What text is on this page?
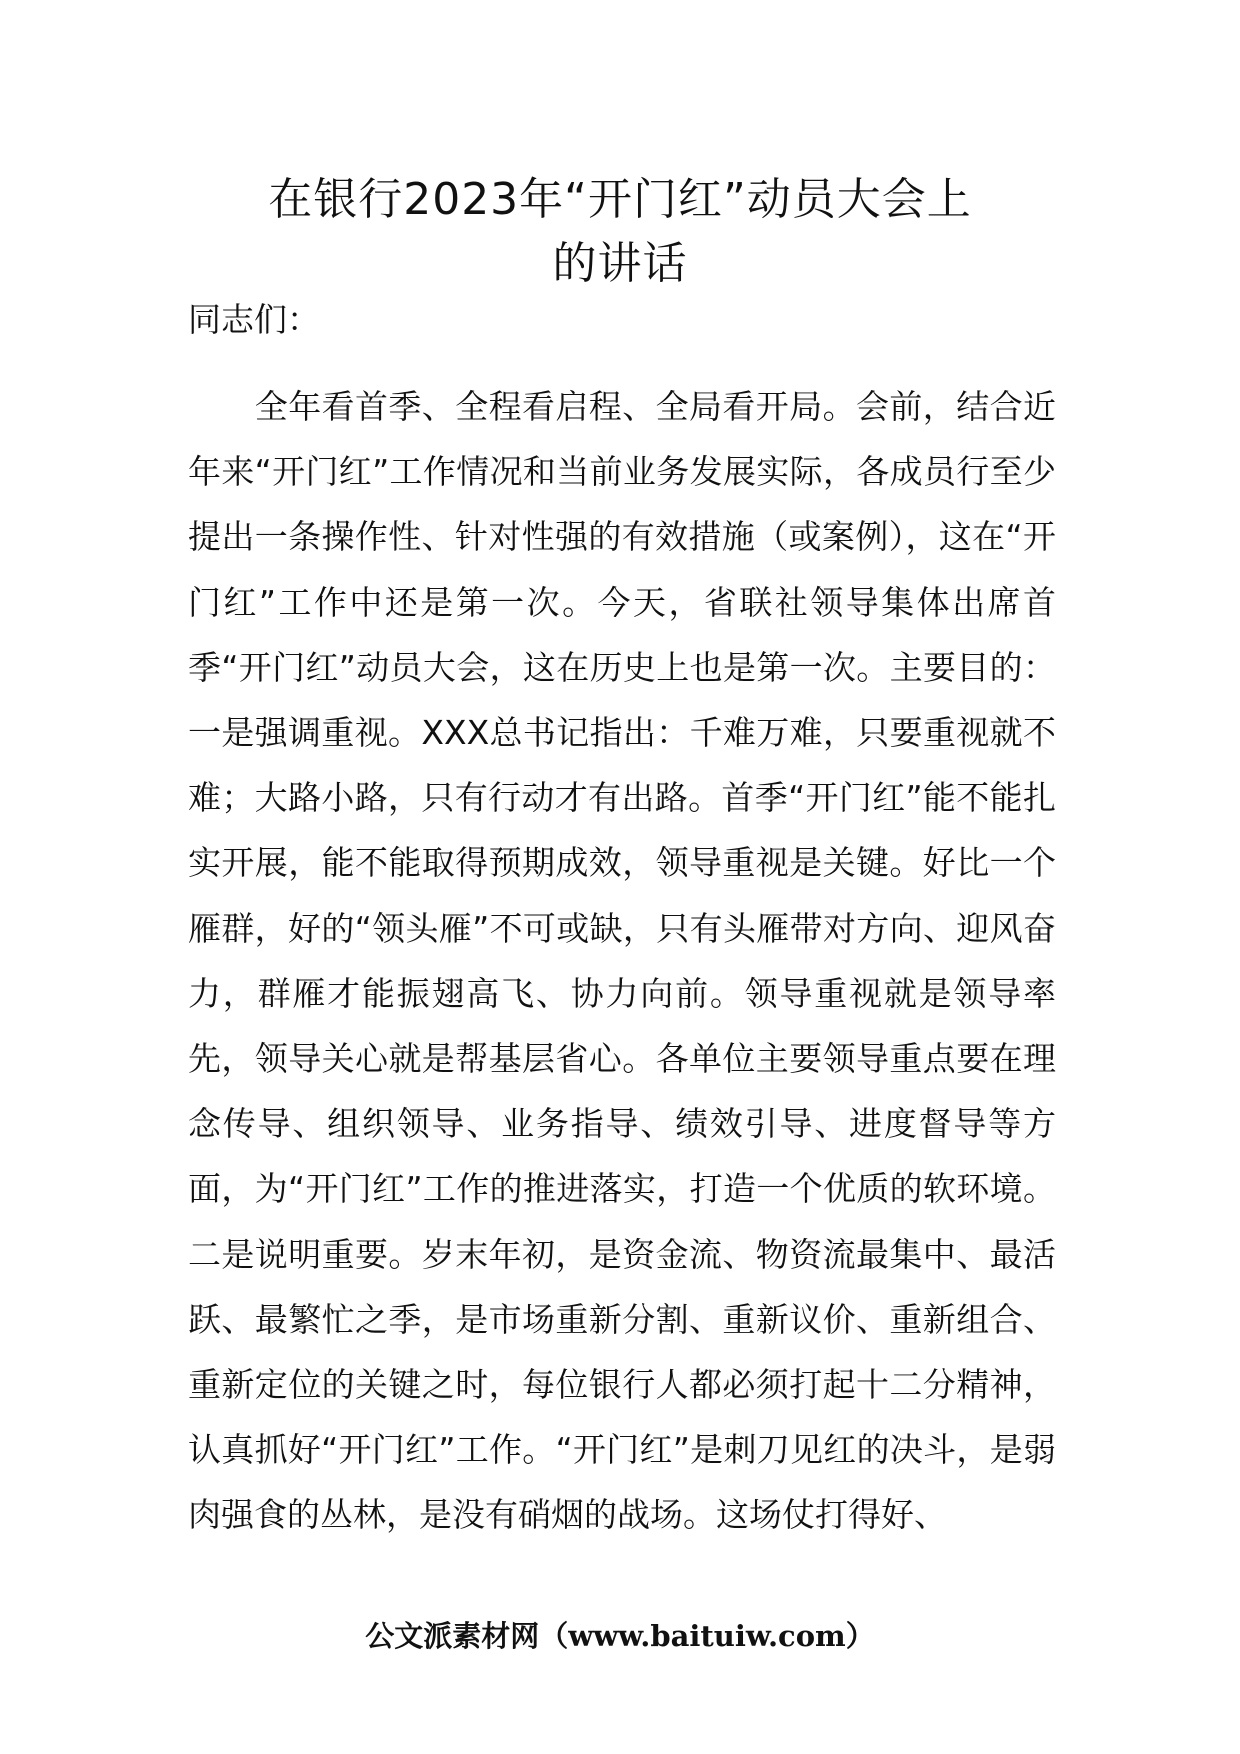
在银行2023年“开门红”动员大会上
的讲话

同志们：

　　全年看首季、全程看启程、全局看开局。会前，结合近年来“开门红”工作情况和当前业务发展实际，各成员行至少提出一条操作性、针对性强的有效措施（或案例），这在“开门红”工作中还是第一次。今天，省联社领导集体出席首季“开门红”动员大会，这在历史上也是第一次。主要目的：一是强调重视。XXX总书记指出：千难万难，只要重视就不难；大路小路，只有行动才有出路。首季“开门红”能不能扎实开展，能不能取得预期成效，领导重视是关键。好比一个雁群，好的“领头雁”不可或缺，只有头雁带对方向、迎风奋力，群雁才能振翅高飞、协力向前。领导重视就是领导率先，领导关心就是帮基层省心。各单位主要领导重点要在理念传导、组织领导、业务指导、绩效引导、进度督导等方面，为“开门红”工作的推进落实，打造一个优质的软环境。二是说明重要。岁末年初，是资金流、物资流最集中、最活跃、最繁忙之季，是市场重新分割、重新议价、重新组合、重新定位的关键之时，每位银行人都必须打起十二分精神，认真抓好“开门红”工作。“开门红”是刺刀见红的决斗，是弱肉强食的丛林，是没有硝烟的战场。这场仗打得好、

公文派素材网（www.baituiw.com）
